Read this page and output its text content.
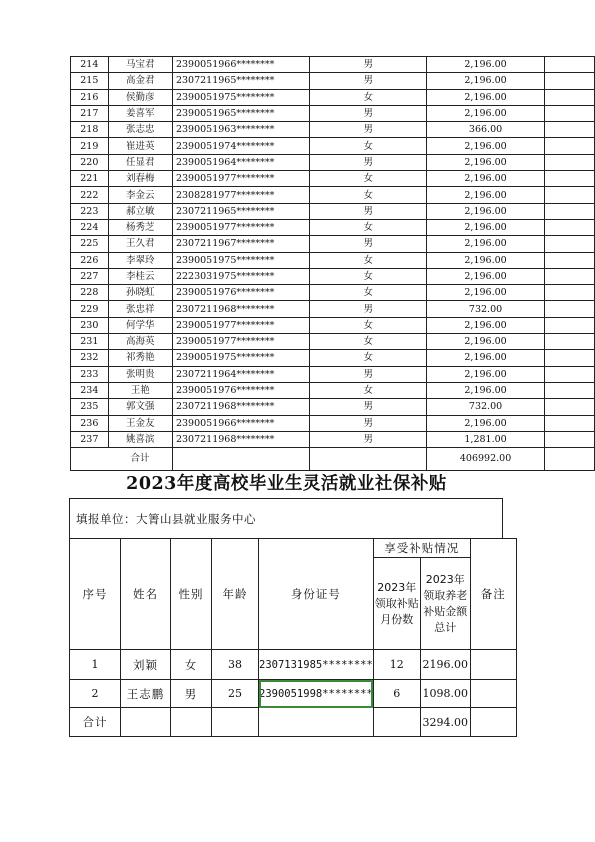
214	马宝君	2390051966********	男	2,196.00	
215	高金君	2307211965********	男	2,196.00	
216	侯勤彦	2390051975********	女	2,196.00	
217	姜喜军	2390051965********	男	2,196.00	
218	张志忠	2390051963********	男	366.00	
219	崔进英	2390051974********	女	2,196.00	
220	任显君	2390051964********	男	2,196.00	
221	刘春梅	2390051977********	女	2,196.00	
222	李金云	2308281977********	女	2,196.00	
223	郝立敏	2307211965********	男	2,196.00	
224	杨秀芝	2390051977********	女	2,196.00	
225	王久君	2307211967********	男	2,196.00	
226	李翠玲	2390051975********	女	2,196.00	
227	李桂云	2223031975********	女	2,196.00	
228	孙晓虹	2390051976********	女	2,196.00	
229	张忠祥	2307211968********	男	732.00	
230	何学华	2390051977********	女	2,196.00	
231	高海英	2390051977********	女	2,196.00	
232	祁秀艳	2390051975********	女	2,196.00	
233	张明贵	2307211964********	男	2,196.00	
234	王艳	2390051976********	女	2,196.00	
235	郭文强	2307211968********	男	732.00	
236	王金友	2390051966********	男	2,196.00	
237	姚喜滨	2307211968********	男	1,281.00	
	合计			406992.00	
2023年度高校毕业生灵活就业社保补贴
填报单位：大箐山县就业服务中心
序号	姓名	性别	年龄	身份证号	享受补贴情况		备注
					2023年领取补贴月份数	2023年领取养老补贴金额总计	
1	刘颖	女	38	2307131985********	12	2196.00	
2	王志鹏	男	25	2390051998********	6	1098.00	
合计						3294.00	
